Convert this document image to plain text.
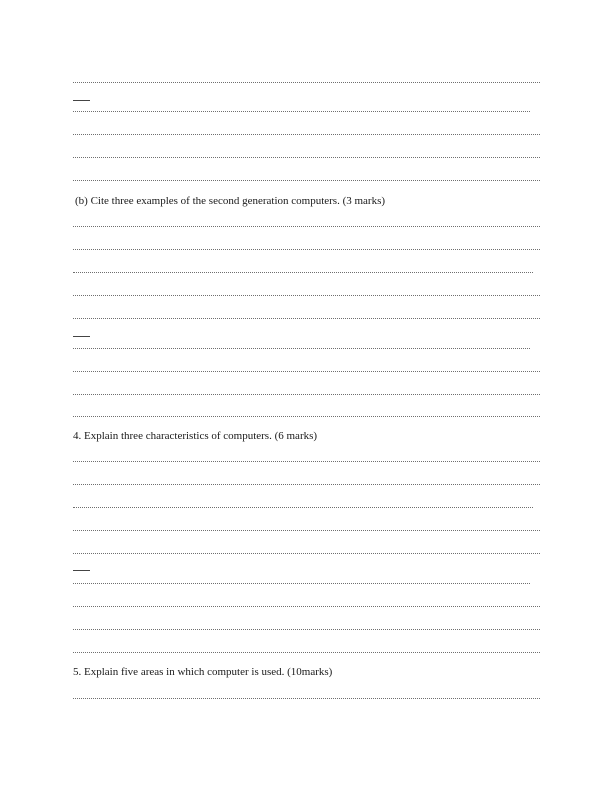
(b) Cite three examples of the second generation computers. (3 marks)
4. Explain three characteristics of computers. (6 marks)
5. Explain five areas in which computer is used. (10marks)
